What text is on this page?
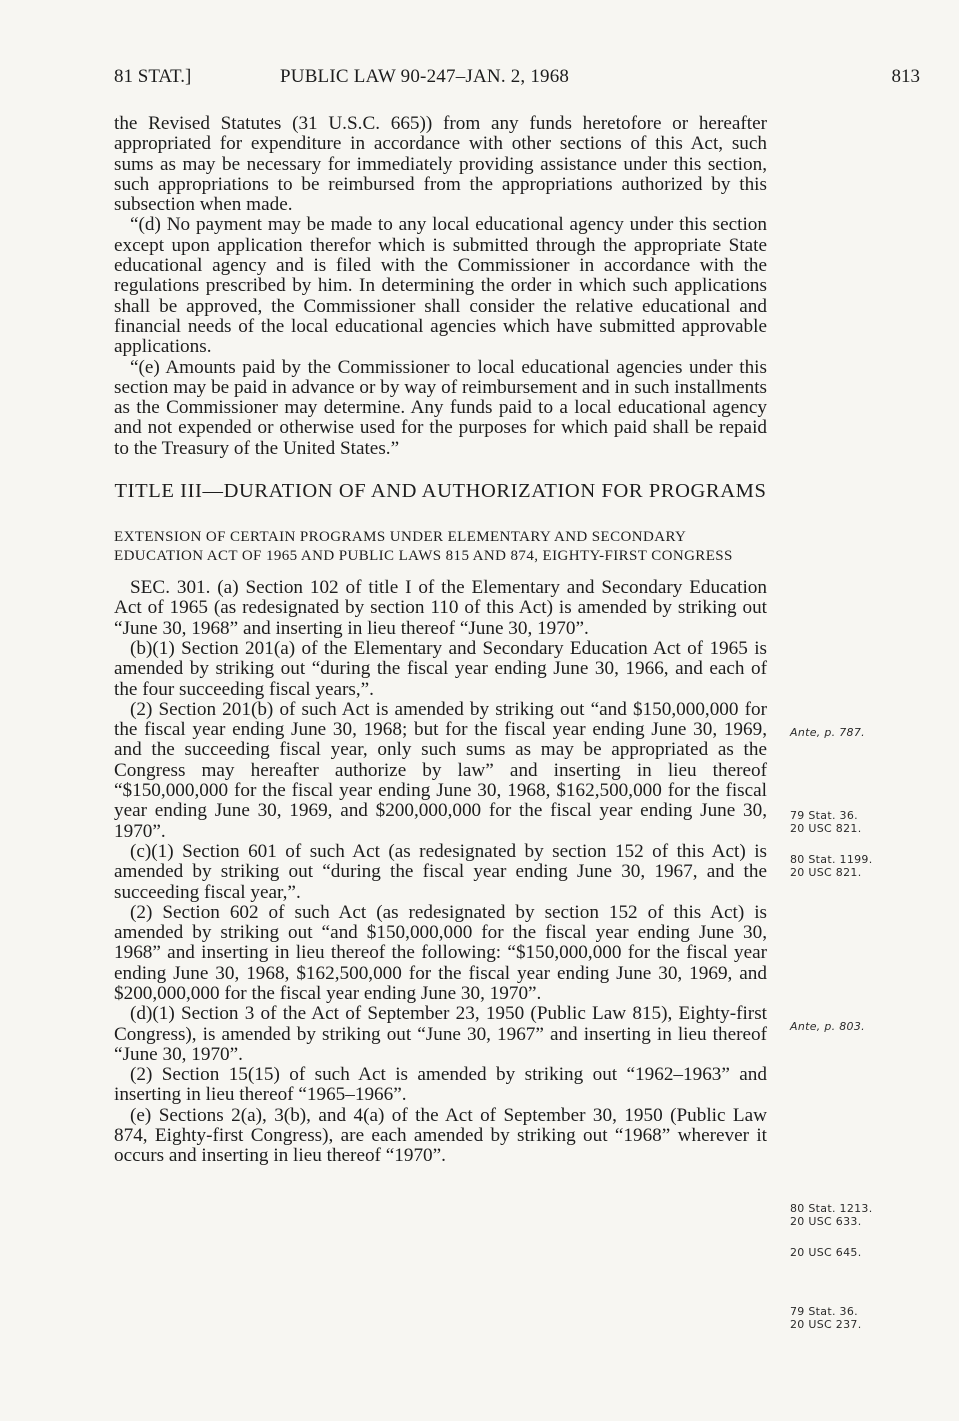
81 STAT.]	PUBLIC LAW 90-247–JAN. 2, 1968	813

the Revised Statutes (31 U.S.C. 665)) from any funds heretofore or hereafter appropriated for expenditure in accordance with other sections of this Act, such sums as may be necessary for immediately providing assistance under this section, such appropriations to be reimbursed from the appropriations authorized by this subsection when made.

“(d) No payment may be made to any local educational agency under this section except upon application therefor which is submitted through the appropriate State educational agency and is filed with the Commissioner in accordance with the regulations prescribed by him. In determining the order in which such applications shall be approved, the Commissioner shall consider the relative educational and financial needs of the local educational agencies which have submitted approvable applications.

“(e) Amounts paid by the Commissioner to local educational agencies under this section may be paid in advance or by way of reimbursement and in such installments as the Commissioner may determine. Any funds paid to a local educational agency and not expended or otherwise used for the purposes for which paid shall be repaid to the Treasury of the United States.”

TITLE III—DURATION OF AND AUTHORIZATION FOR PROGRAMS

EXTENSION OF CERTAIN PROGRAMS UNDER ELEMENTARY AND SECONDARY EDUCATION ACT OF 1965 AND PUBLIC LAWS 815 AND 874, EIGHTY-FIRST CONGRESS

SEC. 301. (a) Section 102 of title I of the Elementary and Secondary Education Act of 1965 (as redesignated by section 110 of this Act) is amended by striking out “June 30, 1968” and inserting in lieu thereof “June 30, 1970”.

(b)(1) Section 201(a) of the Elementary and Secondary Education Act of 1965 is amended by striking out “during the fiscal year ending June 30, 1966, and each of the four succeeding fiscal years,”.

(2) Section 201(b) of such Act is amended by striking out “and $150,000,000 for the fiscal year ending June 30, 1968; but for the fiscal year ending June 30, 1969, and the succeeding fiscal year, only such sums as may be appropriated as the Congress may hereafter authorize by law” and inserting in lieu thereof “$150,000,000 for the fiscal year ending June 30, 1968, $162,500,000 for the fiscal year ending June 30, 1969, and $200,000,000 for the fiscal year ending June 30, 1970”.

(c)(1) Section 601 of such Act (as redesignated by section 152 of this Act) is amended by striking out “during the fiscal year ending June 30, 1967, and the succeeding fiscal year,”.

(2) Section 602 of such Act (as redesignated by section 152 of this Act) is amended by striking out “and $150,000,000 for the fiscal year ending June 30, 1968” and inserting in lieu thereof the following: “$150,000,000 for the fiscal year ending June 30, 1968, $162,500,000 for the fiscal year ending June 30, 1969, and $200,000,000 for the fiscal year ending June 30, 1970”.

(d)(1) Section 3 of the Act of September 23, 1950 (Public Law 815), Eighty-first Congress), is amended by striking out “June 30, 1967” and inserting in lieu thereof “June 30, 1970”.

(2) Section 15(15) of such Act is amended by striking out “1962–1963” and inserting in lieu thereof “1965–1966”.

(e) Sections 2(a), 3(b), and 4(a) of the Act of September 30, 1950 (Public Law 874, Eighty-first Congress), are each amended by striking out “1968” wherever it occurs and inserting in lieu thereof “1970”.

Ante, p. 787.
79 Stat. 36.
20 USC 821.
80 Stat. 1199.
20 USC 821.
Ante, p. 803.
80 Stat. 1213.
20 USC 633.
20 USC 645.
79 Stat. 36.
20 USC 237.
